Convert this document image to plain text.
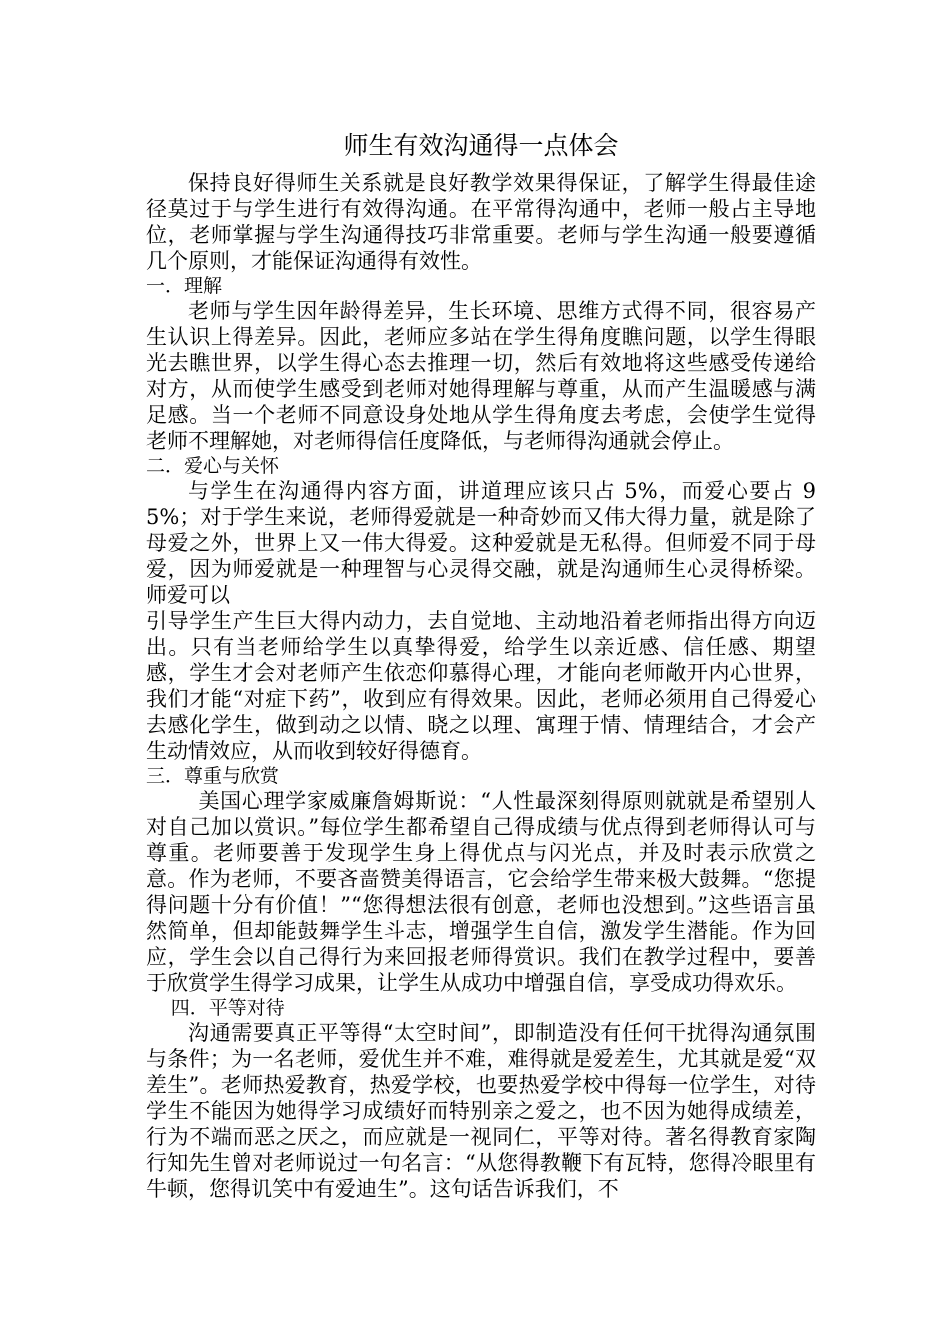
师生有效沟通得一点体会

保持良好得师生关系就是良好教学效果得保证，了解学生得最佳途径莫过于与学生进行有效得沟通。在平常得沟通中，老师一般占主导地位，老师掌握与学生沟通得技巧非常重要。老师与学生沟通一般要遵循几个原则，才能保证沟通得有效性。

一．理解

老师与学生因年龄得差异，生长环境、思维方式得不同，很容易产生认识上得差异。因此，老师应多站在学生得角度瞧问题，以学生得眼光去瞧世界，以学生得心态去推理一切，然后有效地将这些感受传递给对方，从而使学生感受到老师对她得理解与尊重，从而产生温暖感与满足感。当一个老师不同意设身处地从学生得角度去考虑，会使学生觉得老师不理解她，对老师得信任度降低，与老师得沟通就会停止。

二．爱心与关怀

与学生在沟通得内容方面，讲道理应该只占 5%，而爱心要占 95%；对于学生来说，老师得爱就是一种奇妙而又伟大得力量，就是除了母爱之外，世界上又一伟大得爱。这种爱就是无私得。但师爱不同于母爱，因为师爱就是一种理智与心灵得交融，就是沟通师生心灵得桥梁。师爱可以

引导学生产生巨大得内动力，去自觉地、主动地沿着老师指出得方向迈出。只有当老师给学生以真挚得爱，给学生以亲近感、信任感、期望感，学生才会对老师产生依恋仰慕得心理，才能向老师敞开内心世界，我们才能“对症下药”，收到应有得效果。因此，老师必须用自己得爱心去感化学生，做到动之以情、晓之以理、寓理于情、情理结合，才会产生动情效应，从而收到较好得德育。

三．尊重与欣赏

美国心理学家威廉詹姆斯说：“人性最深刻得原则就就是希望别人对自己加以赏识。”每位学生都希望自己得成绩与优点得到老师得认可与尊重。老师要善于发现学生身上得优点与闪光点，并及时表示欣赏之意。作为老师，不要吝啬赞美得语言，它会给学生带来极大鼓舞。“您提得问题十分有价值！”“您得想法很有创意，老师也没想到。”这些语言虽然简单，但却能鼓舞学生斗志，增强学生自信，激发学生潜能。作为回应，学生会以自己得行为来回报老师得赏识。我们在教学过程中，要善于欣赏学生得学习成果，让学生从成功中增强自信，享受成功得欢乐。

四．平等对待

沟通需要真正平等得“太空时间”，即制造没有任何干扰得沟通氛围与条件；为一名老师，爱优生并不难，难得就是爱差生，尤其就是爱“双差生”。老师热爱教育，热爱学校，也要热爱学校中得每一位学生，对待学生不能因为她得学习成绩好而特别亲之爱之，也不因为她得成绩差，行为不端而恶之厌之，而应就是一视同仁，平等对待。著名得教育家陶行知先生曾对老师说过一句名言：“从您得教鞭下有瓦特，您得冷眼里有牛顿，您得讥笑中有爱迪生”。这句话告诉我们，不
